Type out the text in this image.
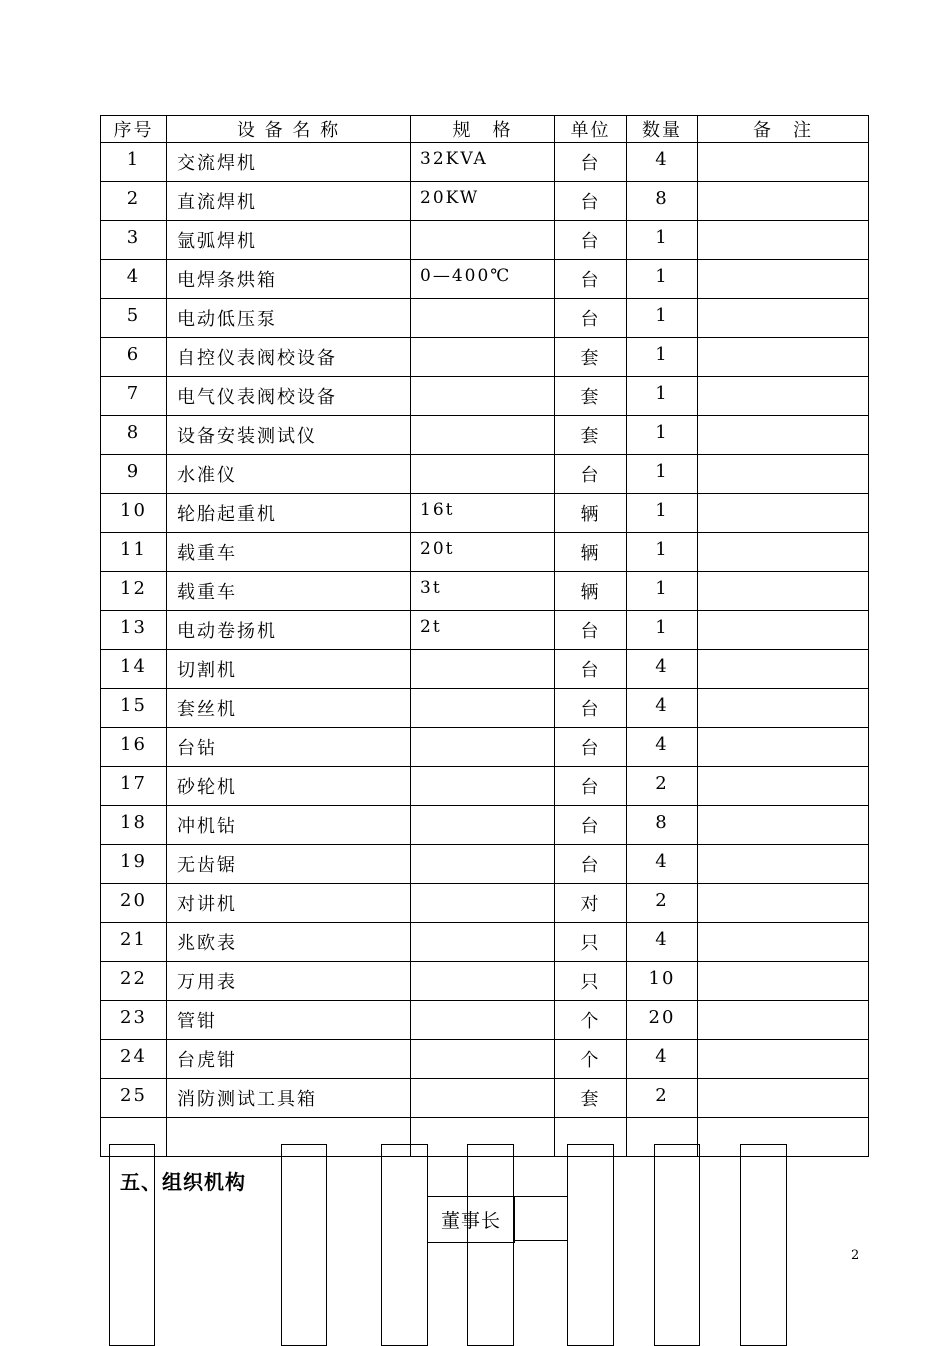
序号	设 备 名 称	规　格	单位	数量	备　注
1	交流焊机	32KVA	台	4	
2	直流焊机	20KW	台	8	
3	氩弧焊机		台	1	
4	电焊条烘箱	0—400℃	台	1	
5	电动低压泵		台	1	
6	自控仪表阀校设备		套	1	
7	电气仪表阀校设备		套	1	
8	设备安装测试仪		套	1	
9	水准仪		台	1	
10	轮胎起重机	16t	辆	1	
11	载重车	20t	辆	1	
12	载重车	3t	辆	1	
13	电动卷扬机	2t	台	1	
14	切割机		台	4	
15	套丝机		台	4	
16	台钻		台	4	
17	砂轮机		台	2	
18	冲机钻		台	8	
19	无齿锯		台	4	
20	对讲机		对	2	
21	兆欧表		只	4	
22	万用表		只	10	
23	管钳		个	20	
24	台虎钳		个	4	
25	消防测试工具箱		套	2	

五、组织机构
董事长
2
